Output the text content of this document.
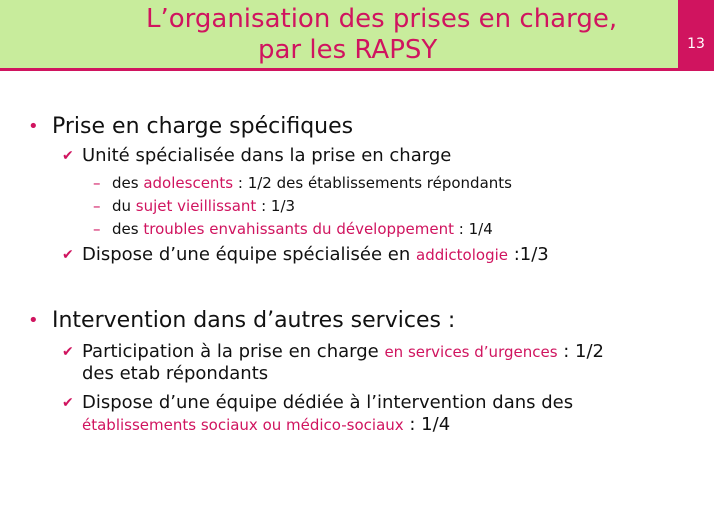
13
L’organisation des prises en charge,
par les RAPSY
• Prise en charge spécifiques
✔ Unité spécialisée dans la prise en charge
– des adolescents : 1/2 des établissements répondants
– du sujet vieillissant : 1/3
– des troubles envahissants du développement : 1/4
✔ Dispose d’une équipe spécialisée en addictologie :1/3
• Intervention dans d’autres services :
✔ Participation à la prise en charge en services d’urgences : 1/2
des etab répondants
✔ Dispose d’une équipe dédiée à l’intervention dans des
établissements sociaux ou médico-sociaux : 1/4
